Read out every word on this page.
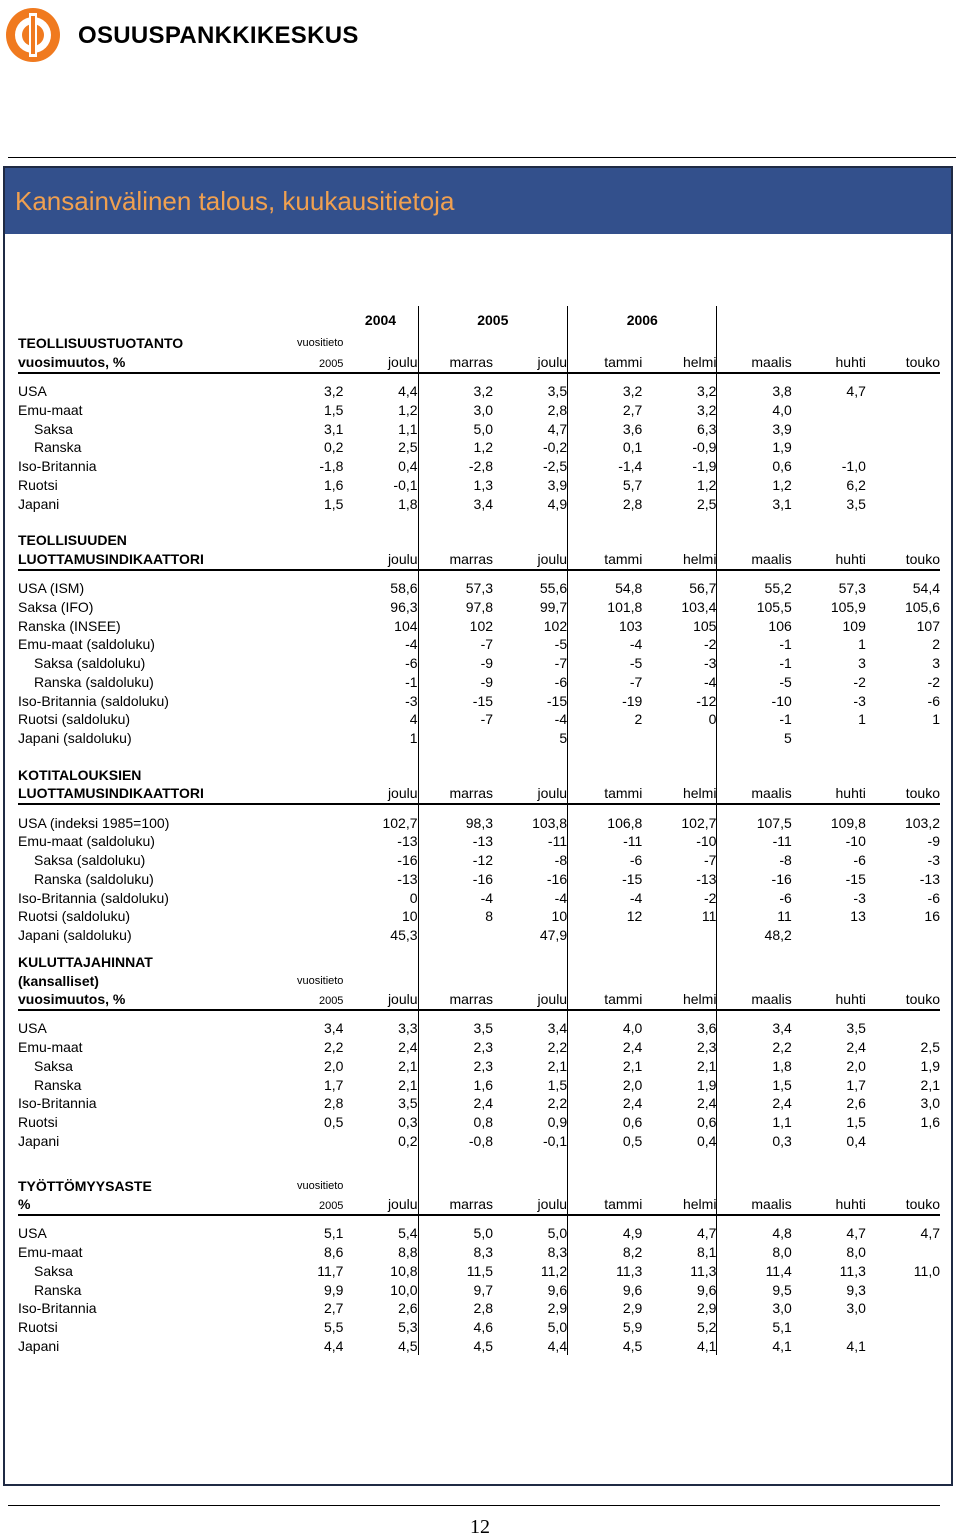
OSUUSPANKKIKESKUS
Kansainvälinen talous, kuukausitietoja
		2004	2005		2006				
TEOLLISUUSTUOTANTO	vuositieto								
vuosimuutos, %	2005	joulu	marras	joulu	tammi	helmi	maalis	huhti	touko

USA	3,2	4,4	3,2	3,5	3,2	3,2	3,8	4,7	
Emu-maat	1,5	1,2	3,0	2,8	2,7	3,2	4,0		
Saksa	3,1	1,1	5,0	4,7	3,6	6,3	3,9		
Ranska	0,2	2,5	1,2	-0,2	0,1	-0,9	1,9		
Iso-Britannia	-1,8	0,4	-2,8	-2,5	-1,4	-1,9	0,6	-1,0	
Ruotsi	1,6	-0,1	1,3	3,9	5,7	1,2	1,2	6,2	
Japani	1,5	1,8	3,4	4,9	2,8	2,5	3,1	3,5	

TEOLLISUUDEN									
LUOTTAMUSINDIKAATTORI		joulu	marras	joulu	tammi	helmi	maalis	huhti	touko

USA (ISM)		58,6	57,3	55,6	54,8	56,7	55,2	57,3	54,4
Saksa (IFO)		96,3	97,8	99,7	101,8	103,4	105,5	105,9	105,6
Ranska (INSEE)		104	102	102	103	105	106	109	107
Emu-maat (saldoluku)		-4	-7	-5	-4	-2	-1	1	2
Saksa (saldoluku)		-6	-9	-7	-5	-3	-1	3	3
Ranska (saldoluku)		-1	-9	-6	-7	-4	-5	-2	-2
Iso-Britannia (saldoluku)		-3	-15	-15	-19	-12	-10	-3	-6
Ruotsi (saldoluku)		4	-7	-4	2	0	-1	1	1
Japani (saldoluku)		1		5			5		

KOTITALOUKSIEN									
LUOTTAMUSINDIKAATTORI		joulu	marras	joulu	tammi	helmi	maalis	huhti	touko

USA (indeksi 1985=100)		102,7	98,3	103,8	106,8	102,7	107,5	109,8	103,2
Emu-maat (saldoluku)		-13	-13	-11	-11	-10	-11	-10	-9
Saksa (saldoluku)		-16	-12	-8	-6	-7	-8	-6	-3
Ranska (saldoluku)		-13	-16	-16	-15	-13	-16	-15	-13
Iso-Britannia (saldoluku)		0	-4	-4	-4	-2	-6	-3	-6
Ruotsi (saldoluku)		10	8	10	12	11	11	13	16
Japani (saldoluku)		45,3		47,9			48,2		

KULUTTAJAHINNAT									
(kansalliset)	vuositieto								
vuosimuutos, %	2005	joulu	marras	joulu	tammi	helmi	maalis	huhti	touko

USA	3,4	3,3	3,5	3,4	4,0	3,6	3,4	3,5	
Emu-maat	2,2	2,4	2,3	2,2	2,4	2,3	2,2	2,4	2,5
Saksa	2,0	2,1	2,3	2,1	2,1	2,1	1,8	2,0	1,9
Ranska	1,7	2,1	1,6	1,5	2,0	1,9	1,5	1,7	2,1
Iso-Britannia	2,8	3,5	2,4	2,2	2,4	2,4	2,4	2,6	3,0
Ruotsi	0,5	0,3	0,8	0,9	0,6	0,6	1,1	1,5	1,6
Japani		0,2	-0,8	-0,1	0,5	0,4	0,3	0,4	

TYÖTTÖMYYSASTE	vuositieto								
%	2005	joulu	marras	joulu	tammi	helmi	maalis	huhti	touko

USA	5,1	5,4	5,0	5,0	4,9	4,7	4,8	4,7	4,7
Emu-maat	8,6	8,8	8,3	8,3	8,2	8,1	8,0	8,0	
Saksa	11,7	10,8	11,5	11,2	11,3	11,3	11,4	11,3	11,0
Ranska	9,9	10,0	9,7	9,6	9,6	9,6	9,5	9,3	
Iso-Britannia	2,7	2,6	2,8	2,9	2,9	2,9	3,0	3,0	
Ruotsi	5,5	5,3	4,6	5,0	5,9	5,2	5,1		
Japani	4,4	4,5	4,5	4,4	4,5	4,1	4,1	4,1	
12
